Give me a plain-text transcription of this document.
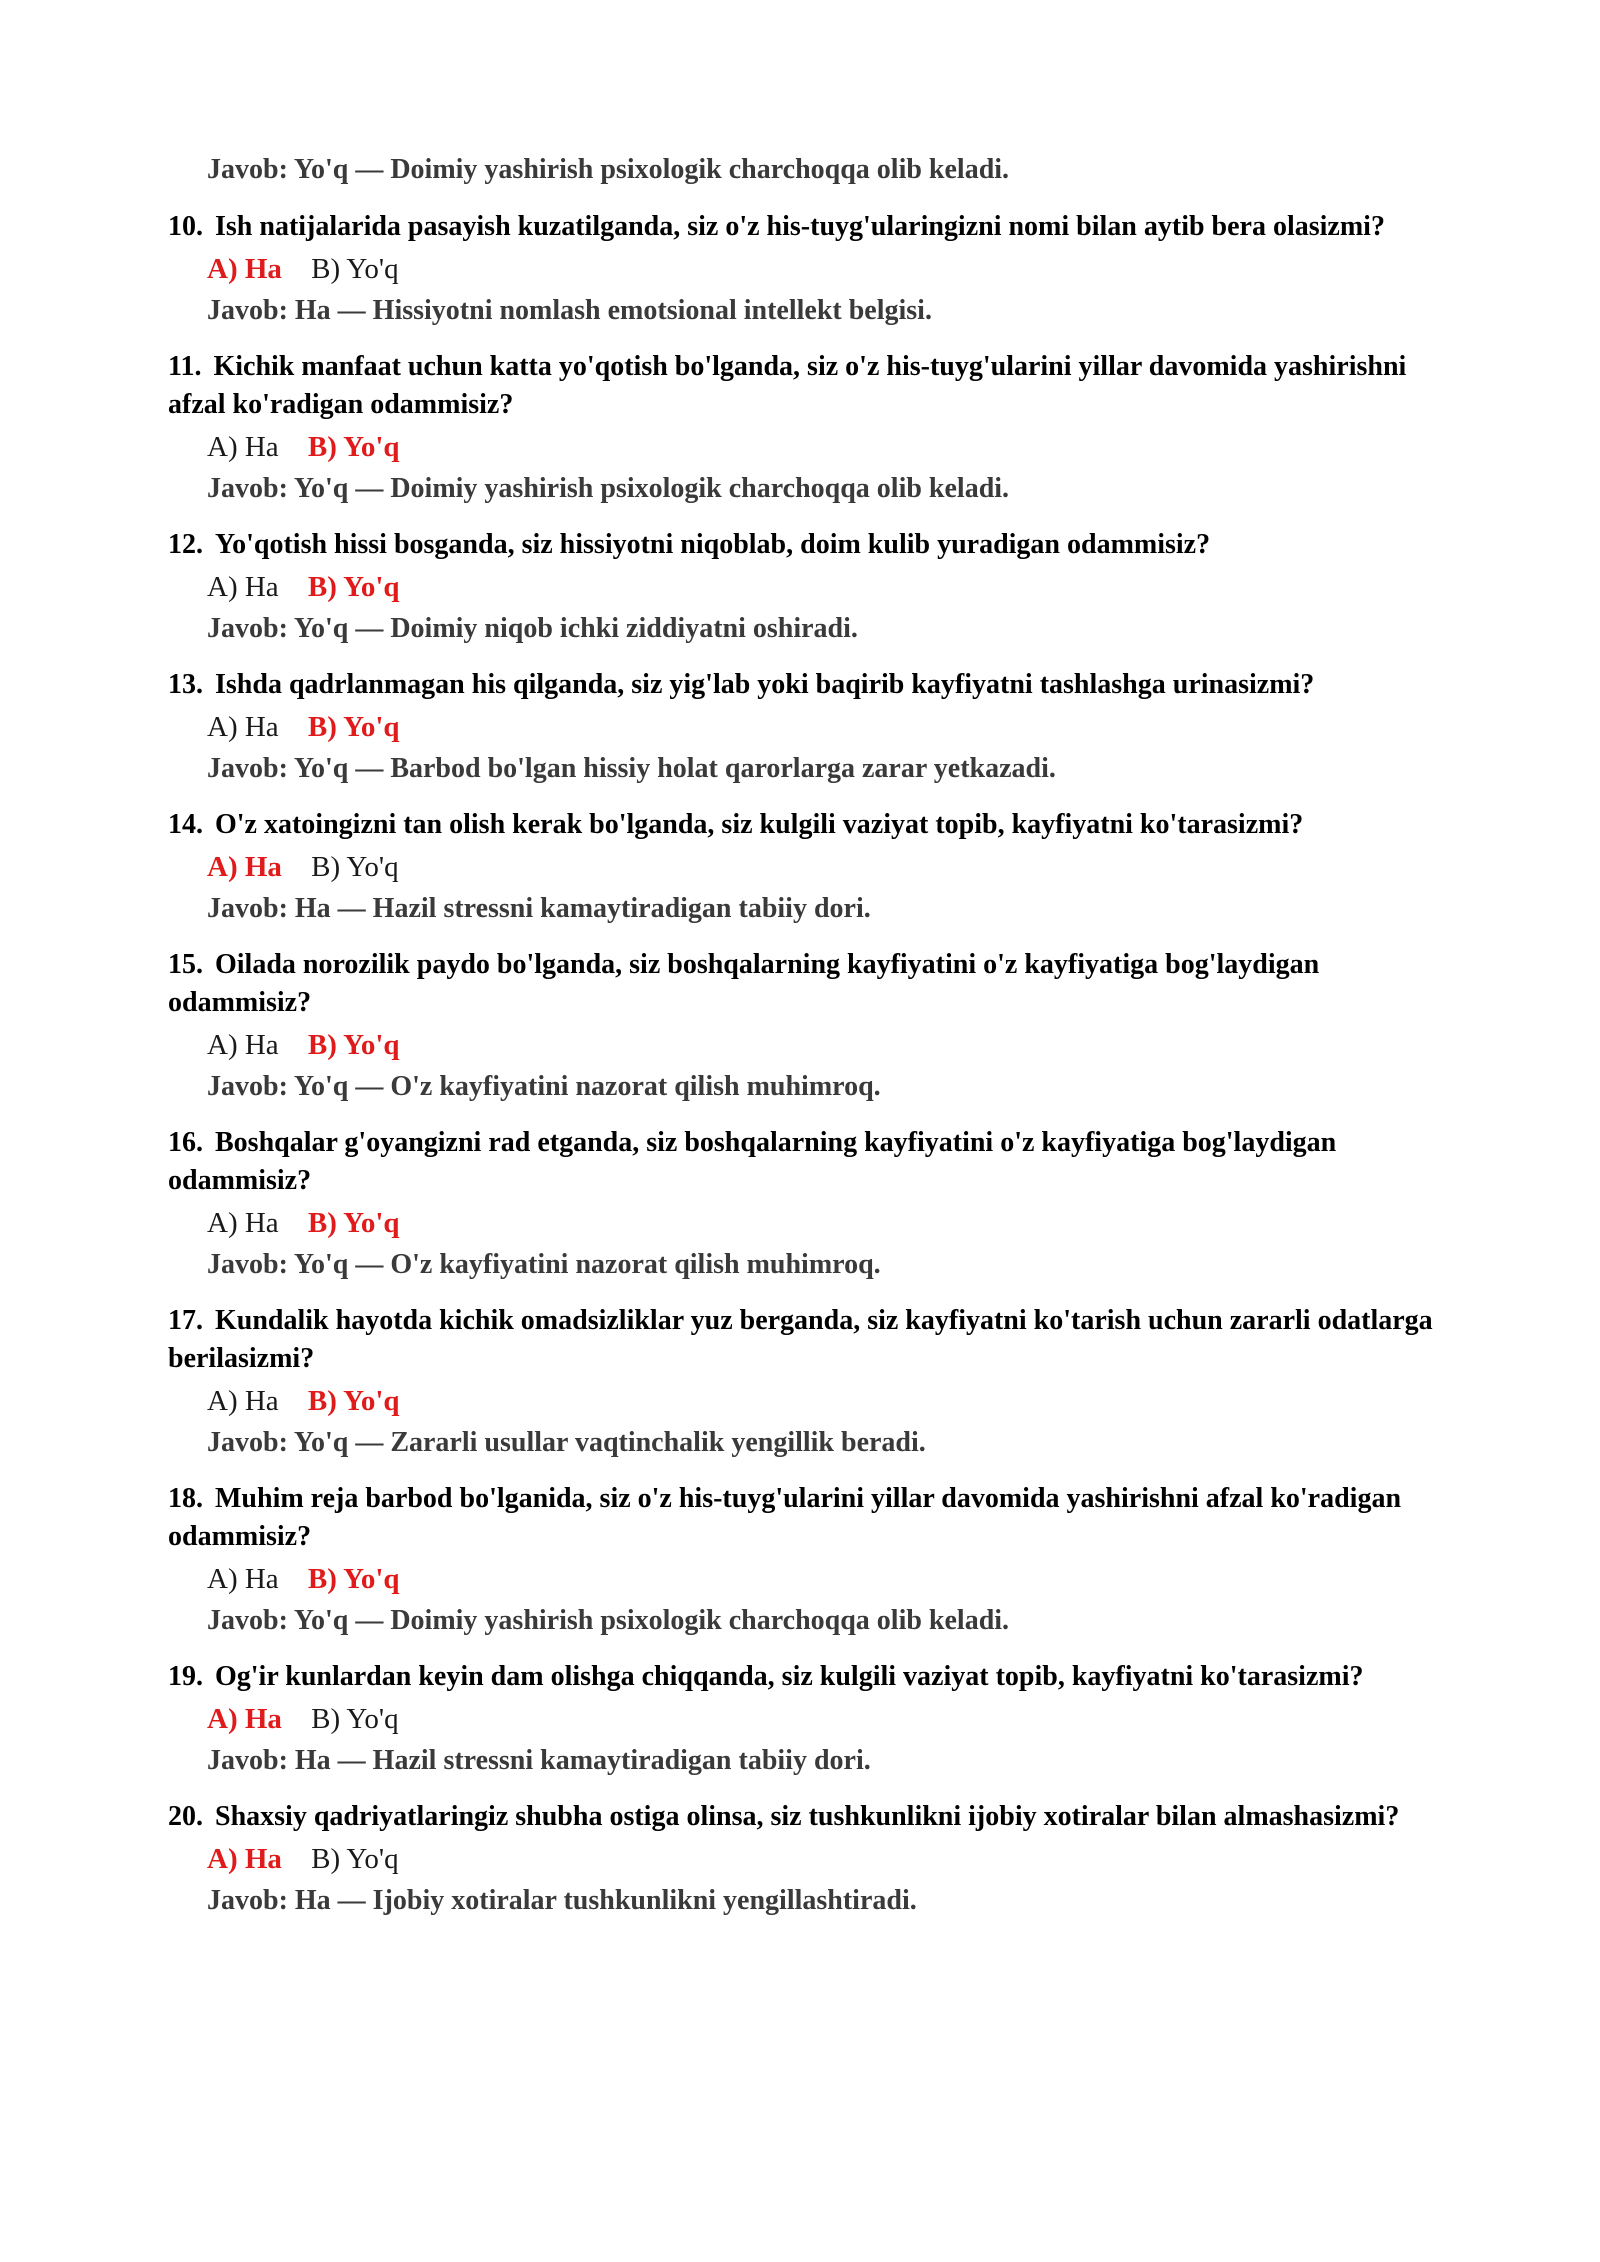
Javob: Yo'q — Doimiy yashirish psixologik charchoqqa olib keladi.

10. Ish natijalarida pasayish kuzatilganda, siz o'z his-tuyg'ularingizni nomi bilan aytib bera olasizmi?

A) Ha B) Yo'q
Javob: Ha — Hissiyotni nomlash emotsional intellekt belgisi.

11. Kichik manfaat uchun katta yo'qotish bo'lganda, siz o'z his-tuyg'ularini yillar davomida yashirishni afzal ko'radigan odammisiz?

A) Ha B) Yo'q
Javob: Yo'q — Doimiy yashirish psixologik charchoqqa olib keladi.

12. Yo'qotish hissi bosganda, siz hissiyotni niqoblab, doim kulib yuradigan odammisiz?

A) Ha B) Yo'q
Javob: Yo'q — Doimiy niqob ichki ziddiyatni oshiradi.

13. Ishda qadrlanmagan his qilganda, siz yig'lab yoki baqirib kayfiyatni tashlashga urinasizmi?

A) Ha B) Yo'q
Javob: Yo'q — Barbod bo'lgan hissiy holat qarorlarga zarar yetkazadi.

14. O'z xatoingizni tan olish kerak bo'lganda, siz kulgili vaziyat topib, kayfiyatni ko'tarasizmi?

A) Ha B) Yo'q
Javob: Ha — Hazil stressni kamaytiradigan tabiiy dori.

15. Oilada norozilik paydo bo'lganda, siz boshqalarning kayfiyatini o'z kayfiyatiga bog'laydigan odammisiz?

A) Ha B) Yo'q
Javob: Yo'q — O'z kayfiyatini nazorat qilish muhimroq.

16. Boshqalar g'oyangizni rad etganda, siz boshqalarning kayfiyatini o'z kayfiyatiga bog'laydigan odammisiz?

A) Ha B) Yo'q
Javob: Yo'q — O'z kayfiyatini nazorat qilish muhimroq.

17. Kundalik hayotda kichik omadsizliklar yuz berganda, siz kayfiyatni ko'tarish uchun zararli odatlarga berilasizmi?

A) Ha B) Yo'q
Javob: Yo'q — Zararli usullar vaqtinchalik yengillik beradi.

18. Muhim reja barbod bo'lganida, siz o'z his-tuyg'ularini yillar davomida yashirishni afzal ko'radigan odammisiz?

A) Ha B) Yo'q
Javob: Yo'q — Doimiy yashirish psixologik charchoqqa olib keladi.

19. Og'ir kunlardan keyin dam olishga chiqqanda, siz kulgili vaziyat topib, kayfiyatni ko'tarasizmi?

A) Ha B) Yo'q
Javob: Ha — Hazil stressni kamaytiradigan tabiiy dori.

20. Shaxsiy qadriyatlaringiz shubha ostiga olinsa, siz tushkunlikni ijobiy xotiralar bilan almashasizmi?

A) Ha B) Yo'q
Javob: Ha — Ijobiy xotiralar tushkunlikni yengillashtiradi.
